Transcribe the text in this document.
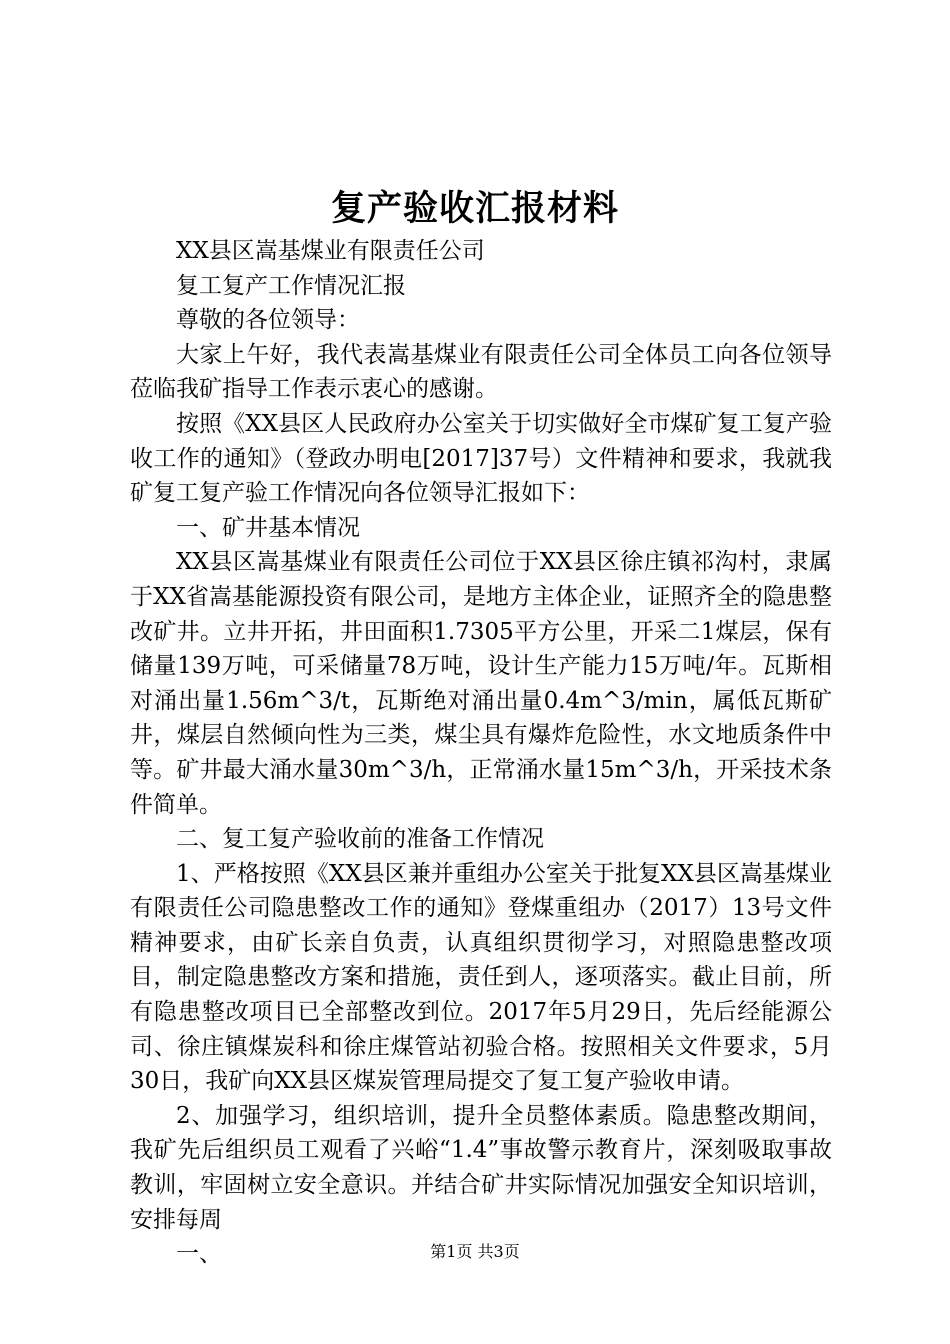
复产验收汇报材料

XX县区嵩基煤业有限责任公司

复工复产工作情况汇报

尊敬的各位领导：

大家上午好，我代表嵩基煤业有限责任公司全体员工向各位领导莅临我矿指导工作表示衷心的感谢。

按照《XX县区人民政府办公室关于切实做好全市煤矿复工复产验收工作的通知》（登政办明电[2017]37号）文件精神和要求，我就我矿复工复产验工作情况向各位领导汇报如下：

一、矿井基本情况

XX县区嵩基煤业有限责任公司位于XX县区徐庄镇祁沟村，隶属于XX省嵩基能源投资有限公司，是地方主体企业，证照齐全的隐患整改矿井。立井开拓，井田面积1.7305平方公里，开采二1煤层，保有储量139万吨，可采储量78万吨，设计生产能力15万吨/年。瓦斯相对涌出量1.56m^3/t，瓦斯绝对涌出量0.4m^3/min，属低瓦斯矿井，煤层自然倾向性为三类，煤尘具有爆炸危险性，水文地质条件中等。矿井最大涌水量30m^3/h，正常涌水量15m^3/h，开采技术条件简单。

二、复工复产验收前的准备工作情况

1、严格按照《XX县区兼并重组办公室关于批复XX县区嵩基煤业有限责任公司隐患整改工作的通知》登煤重组办（2017）13号文件精神要求，由矿长亲自负责，认真组织贯彻学习，对照隐患整改项目，制定隐患整改方案和措施，责任到人，逐项落实。截止目前，所有隐患整改项目已全部整改到位。2017年5月29日，先后经能源公司、徐庄镇煤炭科和徐庄煤管站初验合格。按照相关文件要求，5月30日，我矿向XX县区煤炭管理局提交了复工复产验收申请。

2、加强学习，组织培训，提升全员整体素质。隐患整改期间，我矿先后组织员工观看了兴峪“1.4”事故警示教育片，深刻吸取事故教训，牢固树立安全意识。并结合矿井实际情况加强安全知识培训，安排每周

一、	第1页 共3页
